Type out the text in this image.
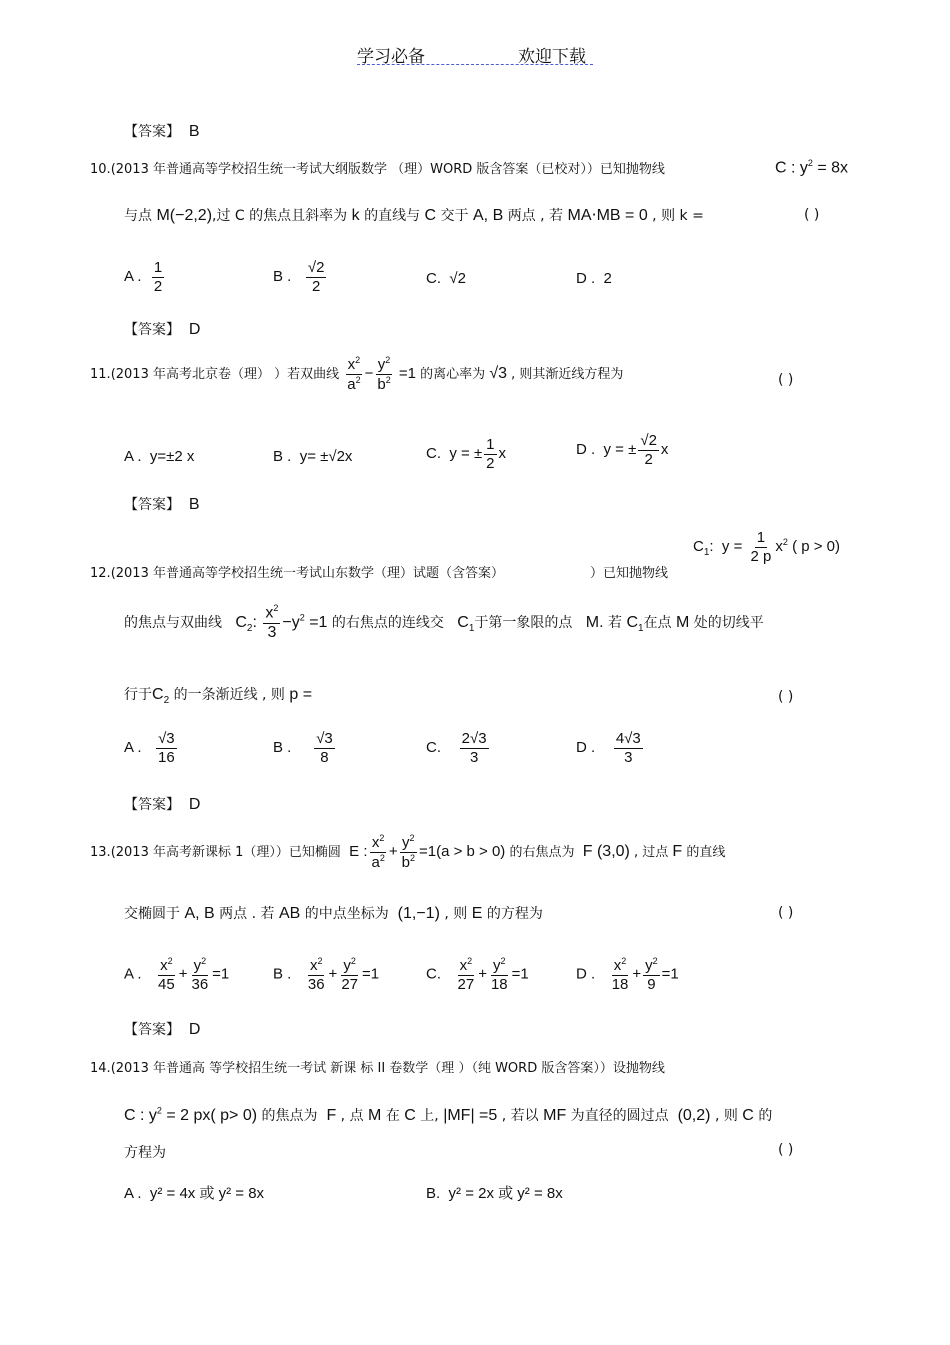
学习必备	欢迎下载
【答案】 B
10.(2013 年普通高等学校招生统一考试大纲版数学 （理）WORD 版含答案（已校对））已知抛物线	C : $y^2 = 8x$
与点 M(−2,2),过 C 的焦点且斜率为 k 的直线与 C 交于 A, B 两点 , 若 MA⋅MB = 0 , 则 k =	( )
A . $\frac{1}{2}$	B . $\frac{√2}{2}$	C. √2	D . 2
【答案】 D
11.(2013 年高考北京卷（理） ）若双曲线 $\frac{x^2}{a^2} - \frac{y^2}{b^2} =1$ 的离心率为 √3 , 则其渐近线方程为	( )
A . y=±2 x	B . y= ±√2x	C. y = ± $\frac{1}{2}$ x	D . y = ± $\frac{√2}{2}$ x
【答案】 B
12.(2013 年普通高等学校招生统一考试山东数学（理）试题（含答案）	）已知抛物线
$C_1$:  $y = \frac{1}{2 p} x^2$ ( p > 0)
的焦点与双曲线 $C_2$: $\frac{x^2}{3} -y^2 =1$ 的右焦点的连线交 $C_1$于第一象限的点 M. 若 $C_1$在点 M 处的切线平
行于$C_2$ 的一条渐近线 , 则 p =	( )
A . $\frac{√3}{16}$	B . $\frac{√3}{8}$	C. $\frac{2√3}{3}$	D . $\frac{4√3}{3}$
【答案】 D
13.(2013 年高考新课标 1（理））已知椭圆 E : $\frac{x^2}{a^2} + \frac{y^2}{b^2} =1(a > b > 0)$ 的右焦点为 F (3,0) , 过点 F 的直线
交椭圆于 A, B 两点 . 若 AB 的中点坐标为 (1,−1) , 则 E 的方程为	( )
A . $\frac{x^2}{45} + \frac{y^2}{36} =1$	B . $\frac{x^2}{36} + \frac{y^2}{27} =1$	C. $\frac{x^2}{27} + \frac{y^2}{18} =1$	D . $\frac{x^2}{18} + \frac{y^2}{9} =1$
【答案】 D
14.(2013 年普通高 等学校招生统一考试 新课 标 II 卷数学（理 ）（纯 WORD 版含答案））设抛物线
C : $y^2 = 2$ px( p> 0) 的焦点为 F , 点 M 在 C 上, |MF| =5 , 若以 MF 为直径的圆过点 (0,2) , 则 C 的
方程为	( )
A . y² = 4x 或 y² = 8x	B. y² = 2x 或 y² = 8x
